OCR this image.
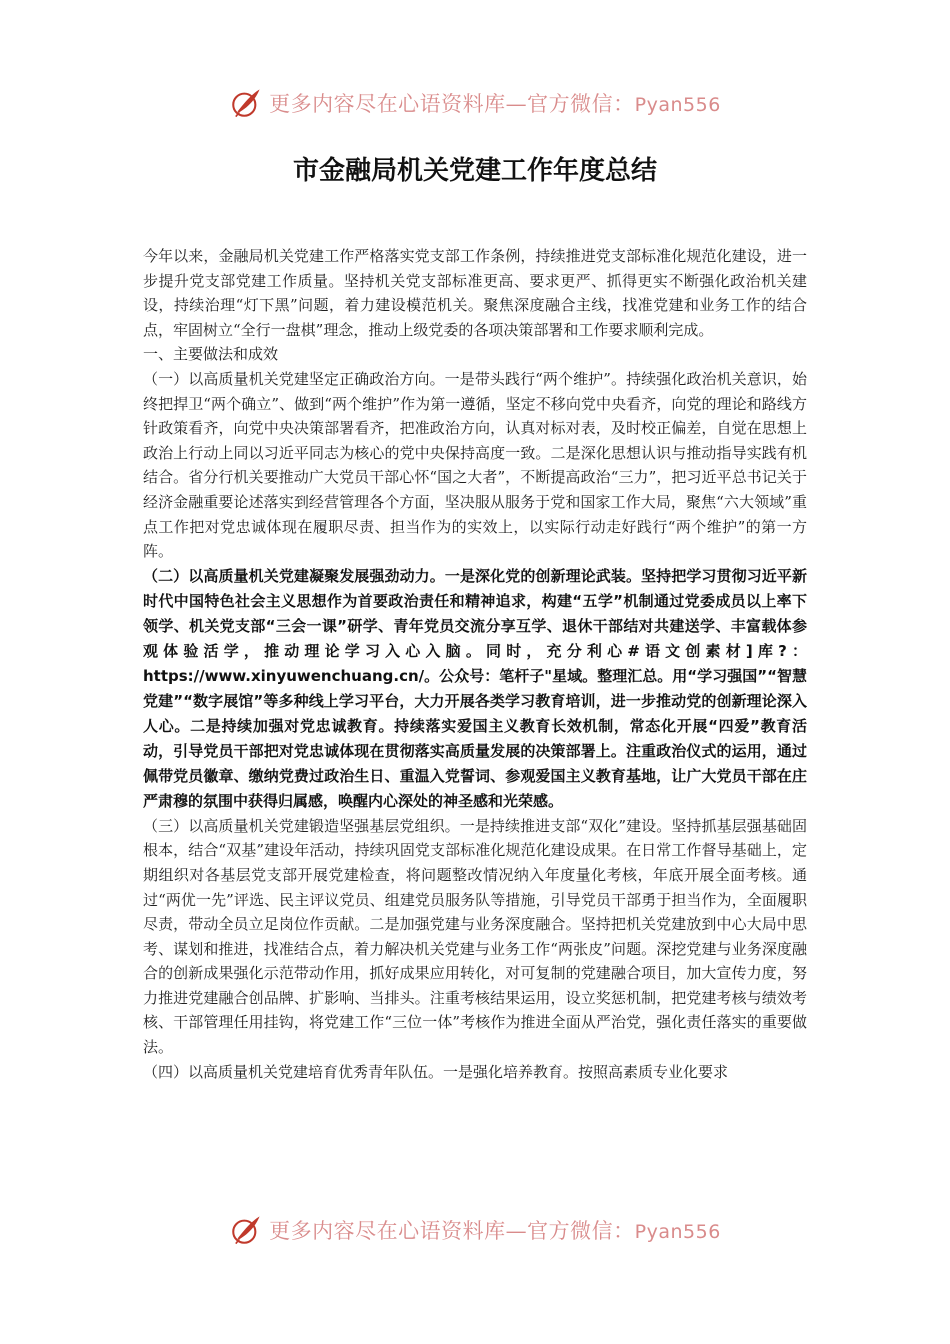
更多内容尽在心语资料库—官方微信：Pyan556
市金融局机关党建工作年度总结

今年以来，金融局机关党建工作严格落实党支部工作条例，持续推进党支部标准化规范化建设，进一步提升党支部党建工作质量。坚持机关党支部标准更高、要求更严、抓得更实不断强化政治机关建设，持续治理“灯下黑”问题，着力建设模范机关。聚焦深度融合主线，找准党建和业务工作的结合点，牢固树立“全行一盘棋”理念，推动上级党委的各项决策部署和工作要求顺利完成。

一、主要做法和成效

（一）以高质量机关党建坚定正确政治方向。一是带头践行“两个维护”。持续强化政治机关意识，始终把捍卫“两个确立”、做到“两个维护”作为第一遵循，坚定不移向党中央看齐，向党的理论和路线方针政策看齐，向党中央决策部署看齐，把准政治方向，认真对标对表，及时校正偏差，自觉在思想上政治上行动上同以习近平同志为核心的党中央保持高度一致。二是深化思想认识与推动指导实践有机结合。省分行机关要推动广大党员干部心怀“国之大者”，不断提高政治“三力”，把习近平总书记关于经济金融重要论述落实到经营管理各个方面，坚决服从服务于党和国家工作大局，聚焦“六大领域”重点工作把对党忠诚体现在履职尽责、担当作为的实效上，以实际行动走好践行“两个维护”的第一方阵。

（二）以高质量机关党建凝聚发展强劲动力。一是深化党的创新理论武装。坚持把学习贯彻习近平新时代中国特色社会主义思想作为首要政治责任和精神追求，构建“五学”机制通过党委成员以上率下领学、机关党支部“三会一课”研学、青年党员交流分享互学、退休干部结对共建送学、丰富载体参观体验活学，推动理论学习入心入脑。同时，充分利心#语文创素材]库?：https://www.xinyuwenchuang.cn/。公众号：笔杆子"星域。整理汇总。用“学习强国”“智慧党建”“数字展馆”等多种线上学习平台，大力开展各类学习教育培训，进一步推动党的创新理论深入人心。二是持续加强对党忠诚教育。持续落实爱国主义教育长效机制，常态化开展“四爱”教育活动，引导党员干部把对党忠诚体现在贯彻落实高质量发展的决策部署上。注重政治仪式的运用，通过佩带党员徽章、缴纳党费过政治生日、重温入党誓词、参观爱国主义教育基地，让广大党员干部在庄严肃穆的氛围中获得归属感，唤醒内心深处的神圣感和光荣感。

（三）以高质量机关党建锻造坚强基层党组织。一是持续推进支部“双化”建设。坚持抓基层强基础固根本，结合“双基”建设年活动，持续巩固党支部标准化规范化建设成果。在日常工作督导基础上，定期组织对各基层党支部开展党建检查，将问题整改情况纳入年度量化考核，年底开展全面考核。通过“两优一先”评选、民主评议党员、组建党员服务队等措施，引导党员干部勇于担当作为，全面履职尽责，带动全员立足岗位作贡献。二是加强党建与业务深度融合。坚持把机关党建放到中心大局中思考、谋划和推进，找准结合点，着力解决机关党建与业务工作“两张皮”问题。深挖党建与业务深度融合的创新成果强化示范带动作用，抓好成果应用转化，对可复制的党建融合项目，加大宣传力度，努力推进党建融合创品牌、扩影响、当排头。注重考核结果运用，设立奖惩机制，把党建考核与绩效考核、干部管理任用挂钩，将党建工作“三位一体”考核作为推进全面从严治党，强化责任落实的重要做法。

（四）以高质量机关党建培育优秀青年队伍。一是强化培养教育。按照高素质专业化要求

更多内容尽在心语资料库—官方微信：Pyan556
